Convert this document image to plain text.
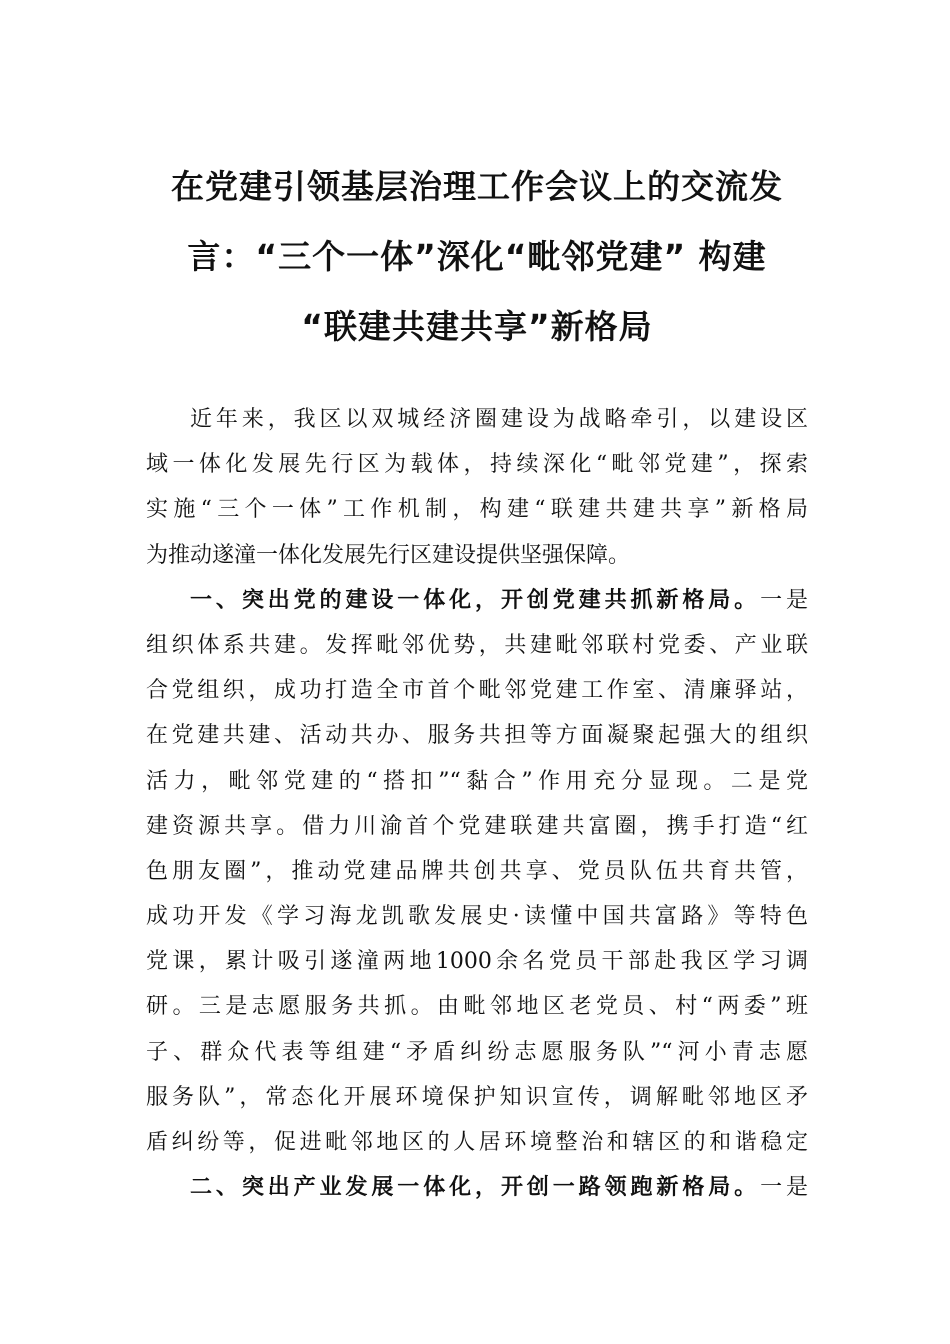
在党建引领基层治理工作会议上的交流发
言：“三个一体”深化“毗邻党建” 构建
“联建共建共享”新格局
近年来，我区以双城经济圈建设为战略牵引，以建设区
域一体化发展先行区为载体，持续深化“毗邻党建”，探索
实施“三个一体”工作机制，构建“联建共建共享”新格局
为推动遂潼一体化发展先行区建设提供坚强保障。
一、突出党的建设一体化，开创党建共抓新格局。一是
组织体系共建。发挥毗邻优势，共建毗邻联村党委、产业联
合党组织，成功打造全市首个毗邻党建工作室、清廉驿站，
在党建共建、活动共办、服务共担等方面凝聚起强大的组织
活力，毗邻党建的“搭扣”“黏合”作用充分显现。二是党
建资源共享。借力川渝首个党建联建共富圈，携手打造“红
色朋友圈”，推动党建品牌共创共享、党员队伍共育共管，
成功开发《学习海龙凯歌发展史·读懂中国共富路》等特色
党课，累计吸引遂潼两地1000余名党员干部赴我区学习调
研。三是志愿服务共抓。由毗邻地区老党员、村“两委”班
子、群众代表等组建“矛盾纠纷志愿服务队”“河小青志愿
服务队”，常态化开展环境保护知识宣传，调解毗邻地区矛
盾纠纷等，促进毗邻地区的人居环境整治和辖区的和谐稳定
二、突出产业发展一体化，开创一路领跑新格局。一是
